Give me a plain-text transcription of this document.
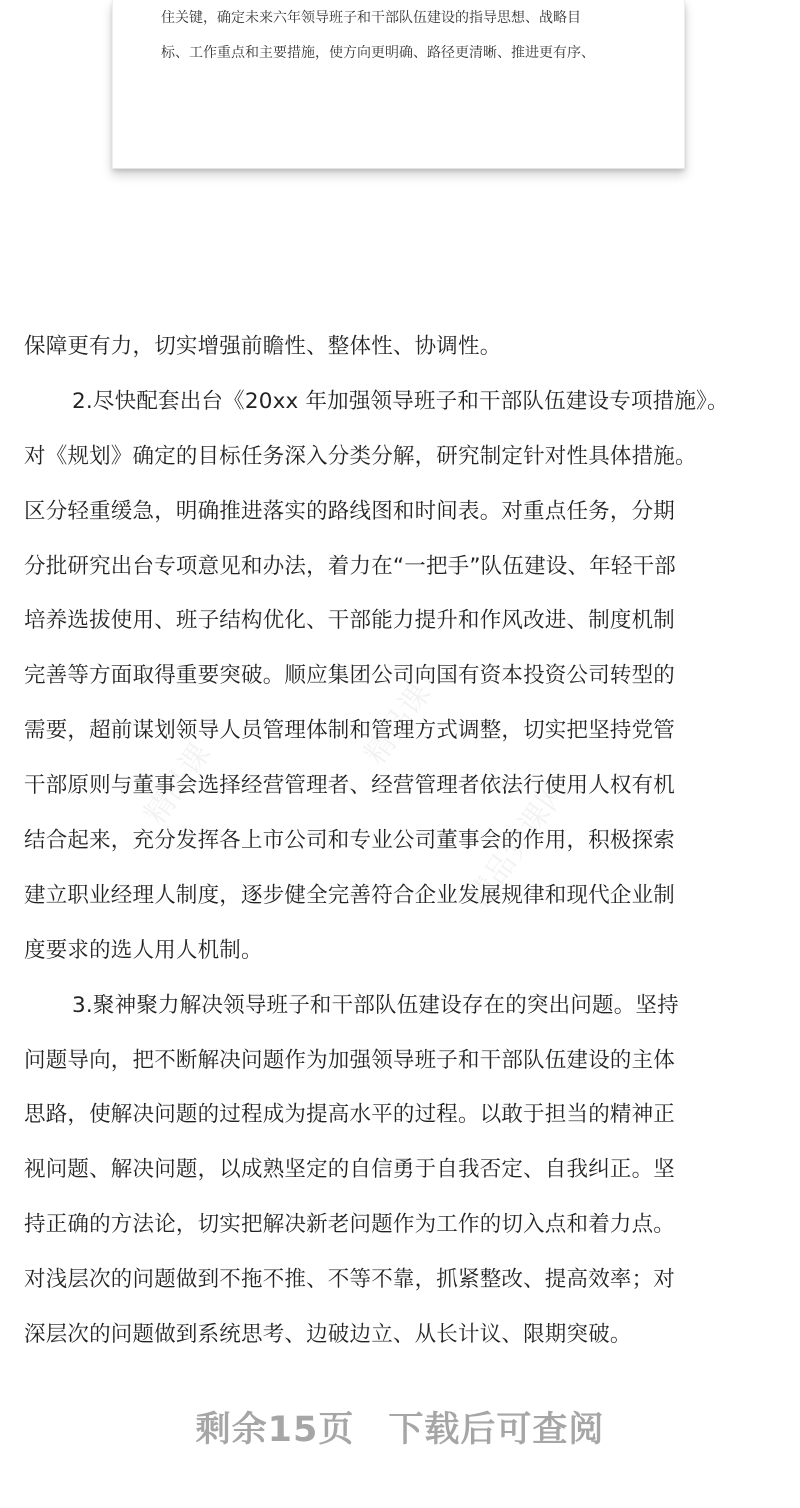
住关键，确定未来六年领导班子和干部队伍建设的指导思想、战略目
标、工作重点和主要措施，使方向更明确、路径更清晰、推进更有序、
精品课
精品课
精品党课网
保障更有力，切实增强前瞻性、整体性、协调性。
2.尽快配套出台《20xx 年加强领导班子和干部队伍建设专项措施》。
对《规划》确定的目标任务深入分类分解，研究制定针对性具体措施。
区分轻重缓急，明确推进落实的路线图和时间表。对重点任务，分期
分批研究出台专项意见和办法，着力在“一把手”队伍建设、年轻干部
培养选拔使用、班子结构优化、干部能力提升和作风改进、制度机制
完善等方面取得重要突破。顺应集团公司向国有资本投资公司转型的
需要，超前谋划领导人员管理体制和管理方式调整，切实把坚持党管
干部原则与董事会选择经营管理者、经营管理者依法行使用人权有机
结合起来，充分发挥各上市公司和专业公司董事会的作用，积极探索
建立职业经理人制度，逐步健全完善符合企业发展规律和现代企业制
度要求的选人用人机制。
3.聚神聚力解决领导班子和干部队伍建设存在的突出问题。坚持
问题导向，把不断解决问题作为加强领导班子和干部队伍建设的主体
思路，使解决问题的过程成为提高水平的过程。以敢于担当的精神正
视问题、解决问题，以成熟坚定的自信勇于自我否定、自我纠正。坚
持正确的方法论，切实把解决新老问题作为工作的切入点和着力点。
对浅层次的问题做到不拖不推、不等不靠，抓紧整改、提高效率；对
深层次的问题做到系统思考、边破边立、从长计议、限期突破。
剩余15页 下载后可查阅
